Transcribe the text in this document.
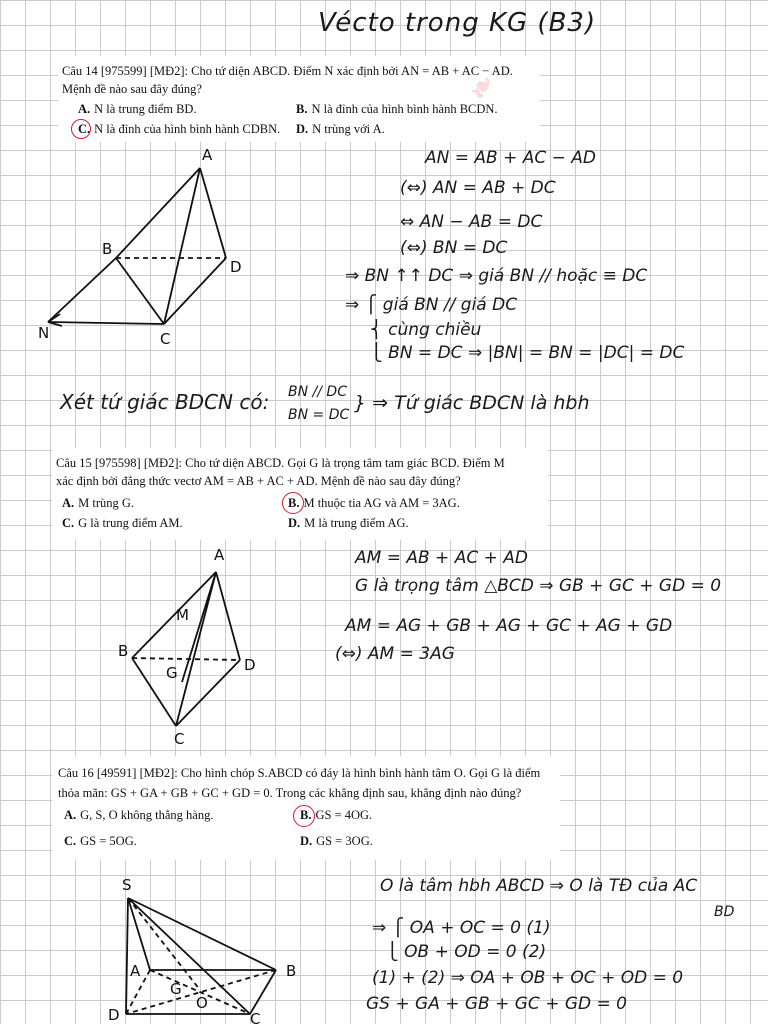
Vécto trong KG (B3)
Câu 14 [975599] [MĐ2]: Cho tứ diện ABCD. Điểm N xác định bởi AN = AB + AC − AD.
Mệnh đề nào sau đây đúng?
A. N là trung điểm BD.	B. N là đỉnh của hình bình hành BCDN.
C. N là đỉnh của hình bình hành CDBN. D. N trùng với A.
❧
A
B
C
D
N
AN = AB + AC − AD
(⇔) AN = AB + DC
⇔ AN − AB = DC
(⇔) BN = DC
⇒ BN ↑↑ DC ⇒ giá BN // hoặc ≡ DC
⇒ ⎧ giá BN // giá DC
⎨ cùng chiều
⎩ BN = DC ⇒ |BN| = BN = |DC| = DC
Xét tứ giác BDCN có: BN // DC
BN = DC
} ⇒ Tứ giác BDCN là hbh
Câu 15 [975598] [MĐ2]: Cho tứ diện ABCD. Gọi G là trọng tâm tam giác BCD. Điểm M
xác định bởi đẳng thức vectơ AM = AB + AC + AD. Mệnh đề nào sau đây đúng?
A. M trùng G.	B. M thuộc tia AG và AM = 3AG.
C. G là trung điểm AM.	D. M là trung điểm AG.
A
B
C
D
G
M
AM = AB + AC + AD
G là trọng tâm △BCD ⇒ GB + GC + GD = 0
AM = AG + GB + AG + GC + AG + GD
(⇔) AM = 3AG
Câu 16 [49591] [MĐ2]: Cho hình chóp S.ABCD có đáy là hình bình hành tâm O. Gọi G là điểm
thỏa mãn: GS + GA + GB + GC + GD = 0. Trong các khẳng định sau, khẳng định nào đúng?
A. G, S, O không thẳng hàng.	B. GS = 4OG.
C. GS = 5OG.	D. GS = 3OG.
S
A	B
C
D
G
O
O là tâm hbh ABCD ⇒ O là TĐ của AC
BD
⇒ ⎧ OA + OC = 0 (1)
⎩ OB + OD = 0 (2)
(1) + (2) ⇒ OA + OB + OC + OD = 0
GS + GA + GB + GC + GD = 0
